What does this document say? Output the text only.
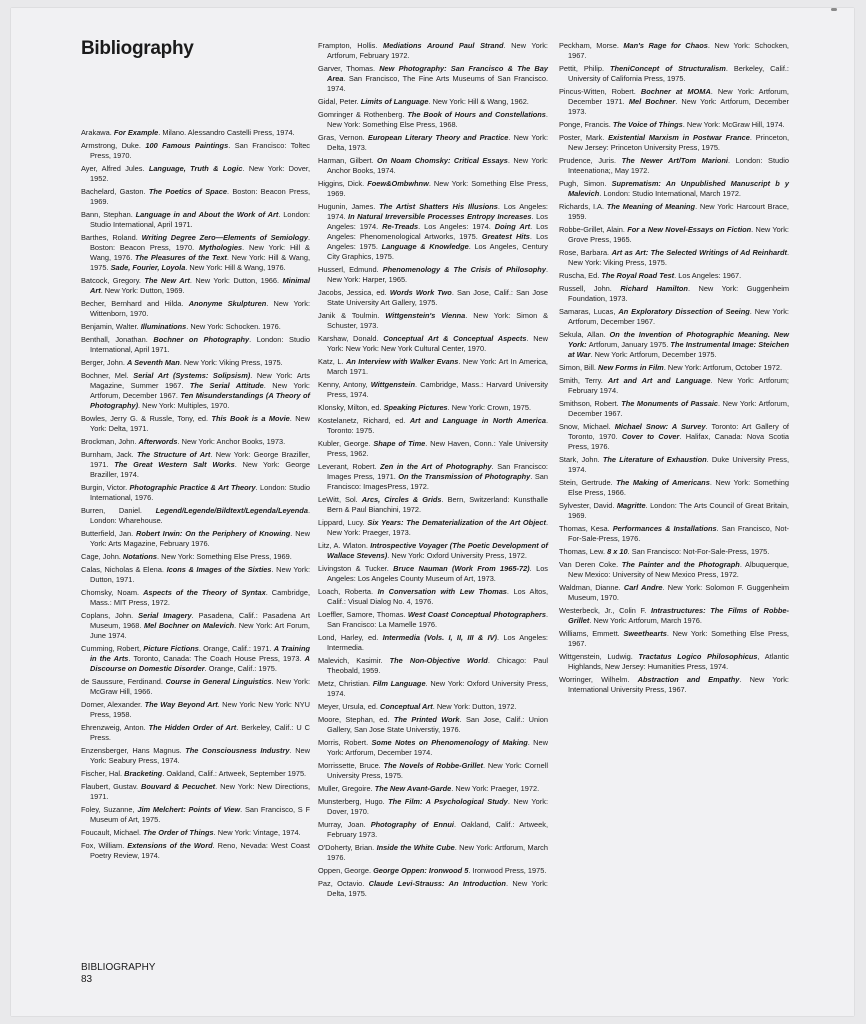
Bibliography
Arakawa. For Example. Milano. Alessandro Castelli Press, 1974.
Armstrong, Duke. 100 Famous Paintings. San Francisco: Toltec Press, 1970.
Ayer, Alfred Jules. Language, Truth & Logic. New York: Dover, 1952.
Bachelard, Gaston. The Poetics of Space. Boston: Beacon Press, 1969.
Bann, Stephan. Language in and About the Work of Art. London: Studio International, April 1971.
Barthes, Roland. Writing Degree Zero—Elements of Semiology. Boston: Beacon Press, 1970. Mythologies. New York: Hill & Wang, 1976. The Pleasures of the Text. New York: Hill & Wang, 1975. Sade, Fourier, Loyola. New York: Hill & Wang, 1976.
Batcock, Gregory. The New Art. New York: Dutton, 1966. Minimal Art. New York: Dutton, 1969.
Becher, Bernhard and Hilda. Anonyme Skulpturen. New York: Wittenborn, 1970.
Benjamin, Walter. Illuminations. New York: Schocken. 1976.
Benthall, Jonathan. Bochner on Photography. London: Studio International, April 1971.
Berger, John. A Seventh Man. New York: Viking Press, 1975.
Bochner, Mel. Serial Art (Systems: Solipsism). New York: Arts Magazine, Summer 1967. The Serial Attitude. New York: Artforum, December 1967. Ten Misunderstandings (A Theory of Photography). New York: Multiples, 1970.
Bowles, Jerry G. & Russle, Tony, ed. This Book is a Movie. New York: Delta, 1971.
Brockman, John. Afterwords. New York: Anchor Books, 1973.
Burnham, Jack. The Structure of Art. New York: George Braziller, 1971. The Great Western Salt Works. New York: George Braziller, 1974.
Burgin, Victor. Photographic Practice & Art Theory. London: Studio International, 1976.
Burren, Daniel. Legend/Legende/Bildtext/Legenda/Leyenda. London: Wharehouse.
Butterfield, Jan. Robert Irwin: On the Periphery of Knowing. New York: Arts Magazine, February 1976.
Cage, John. Notations. New York: Something Else Press, 1969.
Calas, Nicholas & Elena. Icons & Images of the Sixties. New York: Dutton, 1971.
Chomsky, Noam. Aspects of the Theory of Syntax. Cambridge, Mass.: MIT Press, 1972.
Coplans, John. Serial Imagery. Pasadena, Calif.: Pasadena Art Museum, 1968. Mel Bochner on Malevich. New York: Art Forum, June 1974.
Cumming, Robert, Picture Fictions. Orange, Calif.: 1971. A Training in the Arts. Toronto, Canada: The Coach House Press, 1973. A Discourse on Domestic Disorder. Orange, Calif.: 1975.
de Saussure, Ferdinand. Course in General Linguistics. New York: McGraw Hill, 1966.
Dorner, Alexander. The Way Beyond Art. New York: New York: NYU Press, 1958.
Ehrenzweig, Anton. The Hidden Order of Art. Berkeley, Calif.: U C Press.
Enzensberger, Hans Magnus. The Consciousness Industry. New York: Seabury Press, 1974.
Fischer, Hal. Bracketing. Oakland, Calif.: Artweek, September 1975.
Flaubert, Gustav. Bouvard & Pecuchet. New York: New Directions, 1971.
Foley, Suzanne, Jim Melchert: Points of View. San Francisco, S F Museum of Art, 1975.
Foucault, Michael. The Order of Things. New York: Vintage, 1974.
Fox, William. Extensions of the Word. Reno, Nevada: West Coast Poetry Review, 1974.
Frampton, Hollis. Mediations Around Paul Strand. New York: Artforum, February 1972.
Garver, Thomas. New Photography: San Francisco & The Bay Area. San Francisco, The Fine Arts Museums of San Francisco. 1974.
Gidal, Peter. Limits of Language. New York: Hill & Wang, 1962.
Gomringer & Rothenberg. The Book of Hours and Constellations. New York: Something Else Press, 1968.
Gras, Vernon. European Literary Theory and Practice. New York: Delta, 1973.
Harman, Gilbert. On Noam Chomsky: Critical Essays. New York: Anchor Books, 1974.
Higgins, Dick. Foew&Ombwhnw. New York: Something Else Press, 1969.
Hugunin, James. The Artist Shatters His Illusions. Los Angeles: 1974. In Natural Irreversible Processes Entropy Increases. Los Angeles: 1974. Re-Treads. Los Angeles: 1974. Doing Art. Los Angeles: Phenomenological Artworks, 1975. Greatest Hits. Los Angeles: 1975. Language & Knowledge. Los Angeles, Century City Graphics, 1975.
Husserl, Edmund. Phenomenology & The Crisis of Philosophy. New York: Harper, 1965.
Jacobs, Jessica, ed. Words Work Two. San Jose, Calif.: San Jose State University Art Gallery, 1975.
Janik & Toulmin. Wittgenstein's Vienna. New York: Simon & Schuster, 1973.
Karshaw, Donald. Conceptual Art & Conceptual Aspects. New York: New York: New York Cultural Center, 1970.
Katz, L. An Interview with Walker Evans. New York: Art In America, March 1971.
Kenny, Antony, Wittgenstein. Cambridge, Mass.: Harvard University Press, 1974.
Klonsky, Milton, ed. Speaking Pictures. New York: Crown, 1975.
Kostelanetz, Richard, ed. Art and Language in North America. Toronto: 1975.
Kubler, George. Shape of Time. New Haven, Conn.: Yale University Press, 1962.
Leverant, Robert. Zen in the Art of Photography. San Francisco: Images Press, 1971. On the Transmission of Photography. San Francisco: ImagesPress, 1972.
LeWitt, Sol. Arcs, Circles & Grids. Bern, Switzerland: Kunsthalle Bern & Paul Bianchini, 1972.
Lippard, Lucy. Six Years: The Dematerialization of the Art Object. New York: Praeger, 1973.
Litz, A. Wlaton. Introspective Voyager (The Poetic Development of Wallace Stevens). New York: Oxford University Press, 1972.
Livingston & Tucker. Bruce Nauman (Work From 1965-72). Los Angeles: Los Angeles County Museum of Art, 1973.
Loach, Roberta. In Conversation with Lew Thomas. Los Altos, Calif.: Visual Dialog No. 4, 1976.
Loeffler, Samore, Thomas. West Coast Conceptual Photographers. San Francisco: La Mamelle 1976.
Lond, Harley, ed. Intermedia (Vols. I, II, III & IV). Los Angeles: Intermedia.
Malevich, Kasimir. The Non-Objective World. Chicago: Paul Theobald, 1959.
Metz, Christian. Film Language. New York: Oxford University Press, 1974.
Meyer, Ursula, ed. Conceptual Art. New York: Dutton, 1972.
Moore, Stephan, ed. The Printed Work. San Jose, Calif.: Union Gallery, San Jose State Universtiy, 1976.
Morris, Robert. Some Notes on Phenomenology of Making. New York: Artforum, December 1974.
Morrissette, Bruce. The Novels of Robbe-Grillet. New York: Cornell University Press, 1975.
Muller, Gregoire. The New Avant-Garde. New York: Praeger, 1972.
Munsterberg, Hugo. The Film: A Psychological Study. New York: Dover, 1970.
Murray, Joan. Photography of Ennui. Oakland, Calif.: Artweek, February 1973.
O'Doherty, Brian. Inside the White Cube. New York: Artforum, March 1976.
Oppen, George. George Oppen: Ironwood 5. Ironwood Press, 1975.
Paz, Octavio. Claude Levi-Strauss: An Introduction. New York: Delta, 1975.
Peckham, Morse. Man's Rage for Chaos. New York: Schocken, 1967.
Pettit, Philip. TheniConcept of Structuralism. Berkeley, Calif.: University of California Press, 1975.
Pincus-Witten, Robert. Bochner at MOMA. New York: Artforum, December 1971. Mel Bochner. New York: Artforum, December 1973.
Ponge, Francis. The Voice of Things. New York: McGraw Hill, 1974.
Poster, Mark. Existential Marxism in Postwar France. Princeton, New Jersey: Princeton University Press, 1975.
Prudence, Juris. The Newer Art/Tom Marioni. London: Studio Inteenationa;, May 1972.
Pugh, Simon. Suprematism: An Unpublished Manuscript b y Malevich. London: Studio International, March 1972.
Richards, I.A. The Meaning of Meaning. New York: Harcourt Brace, 1959.
Robbe-Grillet, Alain. For a New Novel-Essays on Fiction. New York: Grove Press, 1965.
Rose, Barbara. Art as Art: The Selected Writings of Ad Reinhardt. New York: Viking Press, 1975.
Ruscha, Ed. The Royal Road Test. Los Angeles: 1967.
Russell, John. Richard Hamilton. New York: Guggenheim Foundation, 1973.
Samaras, Lucas, An Exploratory Dissection of Seeing. New York: Artforum, December 1967.
Sekula, Allan. On the Invention of Photographic Meaning. New York: Artforum, January 1975. The Instrumental Image: Steichen at War. New York: Artforum, December 1975.
Simon, Bill. New Forms in Film. New York: Artforum, October 1972.
Smith, Terry. Art and Art and Language. New York: Artforum; February 1974.
Smithson, Robert. The Monuments of Passaic. New York: Artforum, December 1967.
Snow, Michael. Michael Snow: A Survey. Toronto: Art Gallery of Toronto, 1970. Cover to Cover. Halifax, Canada: Nova Scotia Press, 1976.
Stark, John. The Literature of Exhaustion. Duke University Press, 1974.
Stein, Gertrude. The Making of Americans. New York: Something Else Press, 1966.
Sylvester, David. Magritte. London: The Arts Council of Great Britain, 1969.
Thomas, Kesa. Performances & Installations. San Francisco, Not-For-Sale-Press, 1976.
Thomas, Lew. 8 x 10. San Francisco: Not-For-Sale-Press, 1975.
Van Deren Coke. The Painter and the Photograph. Albuquerque, New Mexico: University of New Mexico Press, 1972.
Waldman, Dianne. Carl Andre. New York: Solomon F. Guggenheim Museum, 1970.
Westerbeck, Jr., Colin F. Intrastructures: The Films of Robbe-Grillet. New York: Artforum, March 1976.
Williams, Emmett. Sweethearts. New York: Something Else Press, 1967.
Wittgenstein, Ludwig. Tractatus Logico Philosophicus, Atlantic Highlands, New Jersey: Humanities Press, 1974.
Worringer, Wilhelm. Abstraction and Empathy. New York: International University Press, 1967.
BIBLIOGRAPHY
83
